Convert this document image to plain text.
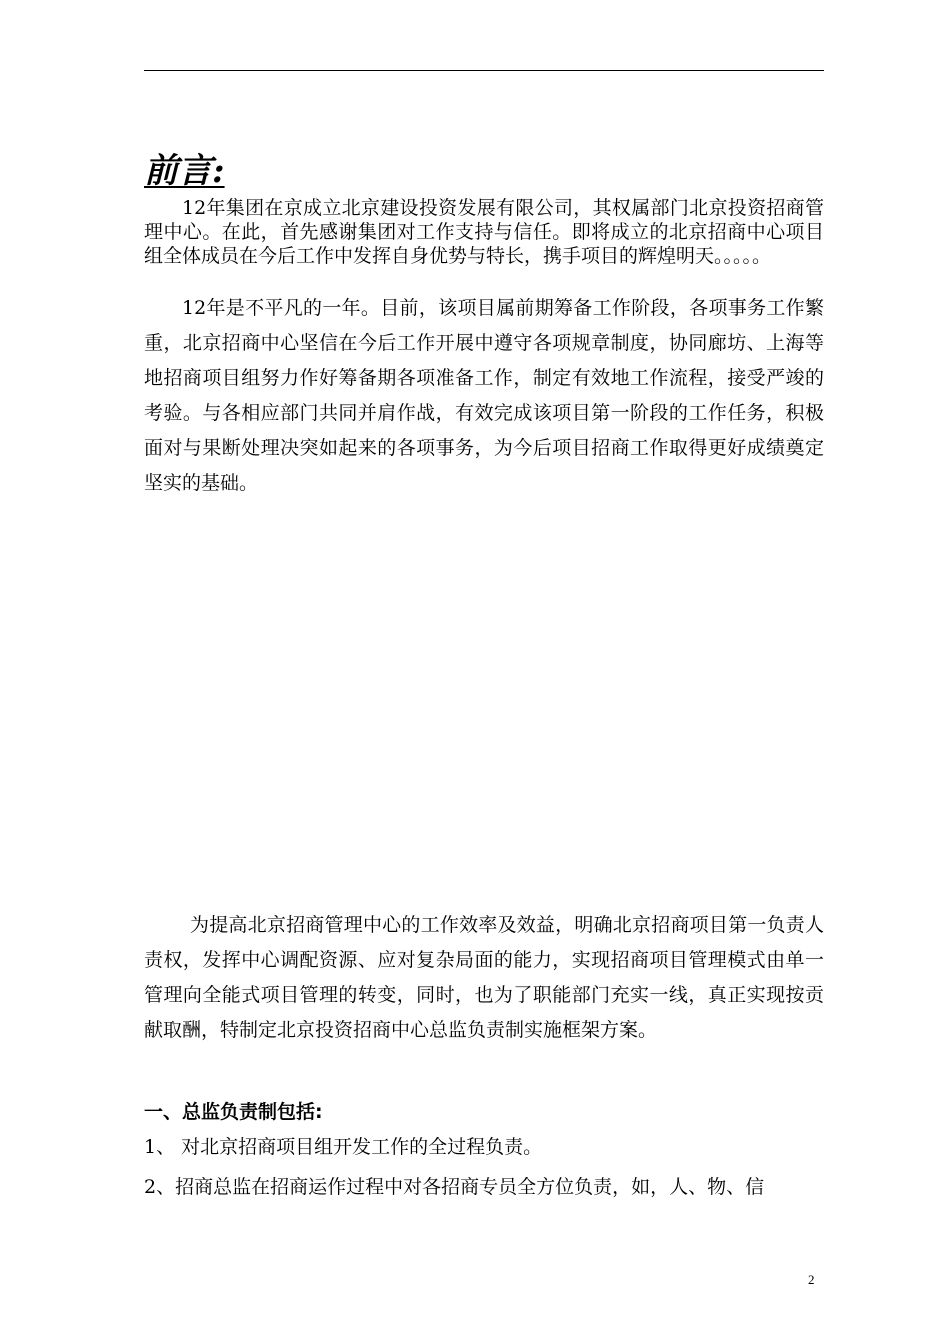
前言:
12年集团在京成立北京建设投资发展有限公司，其权属部门北京投资招商管理中心。在此，首先感谢集团对工作支持与信任。即将成立的北京招商中心项目组全体成员在今后工作中发挥自身优势与特长，携手项目的辉煌明天。。。。。
12年是不平凡的一年。目前，该项目属前期筹备工作阶段，各项事务工作繁重，北京招商中心坚信在今后工作开展中遵守各项规章制度，协同廊坊、上海等地招商项目组努力作好筹备期各项准备工作，制定有效地工作流程，接受严竣的考验。与各相应部门共同并肩作战，有效完成该项目第一阶段的工作任务，积极面对与果断处理决突如起来的各项事务，为今后项目招商工作取得更好成绩奠定坚实的基础。
为提高北京招商管理中心的工作效率及效益，明确北京招商项目第一负责人责权，发挥中心调配资源、应对复杂局面的能力，实现招商项目管理模式由单一管理向全能式项目管理的转变，同时，也为了职能部门充实一线，真正实现按贡献取酬，特制定北京投资招商中心总监负责制实施框架方案。
一、总监负责制包括:
1、 对北京招商项目组开发工作的全过程负责。
2、招商总监在招商运作过程中对各招商专员全方位负责，如，人、物、信
2
